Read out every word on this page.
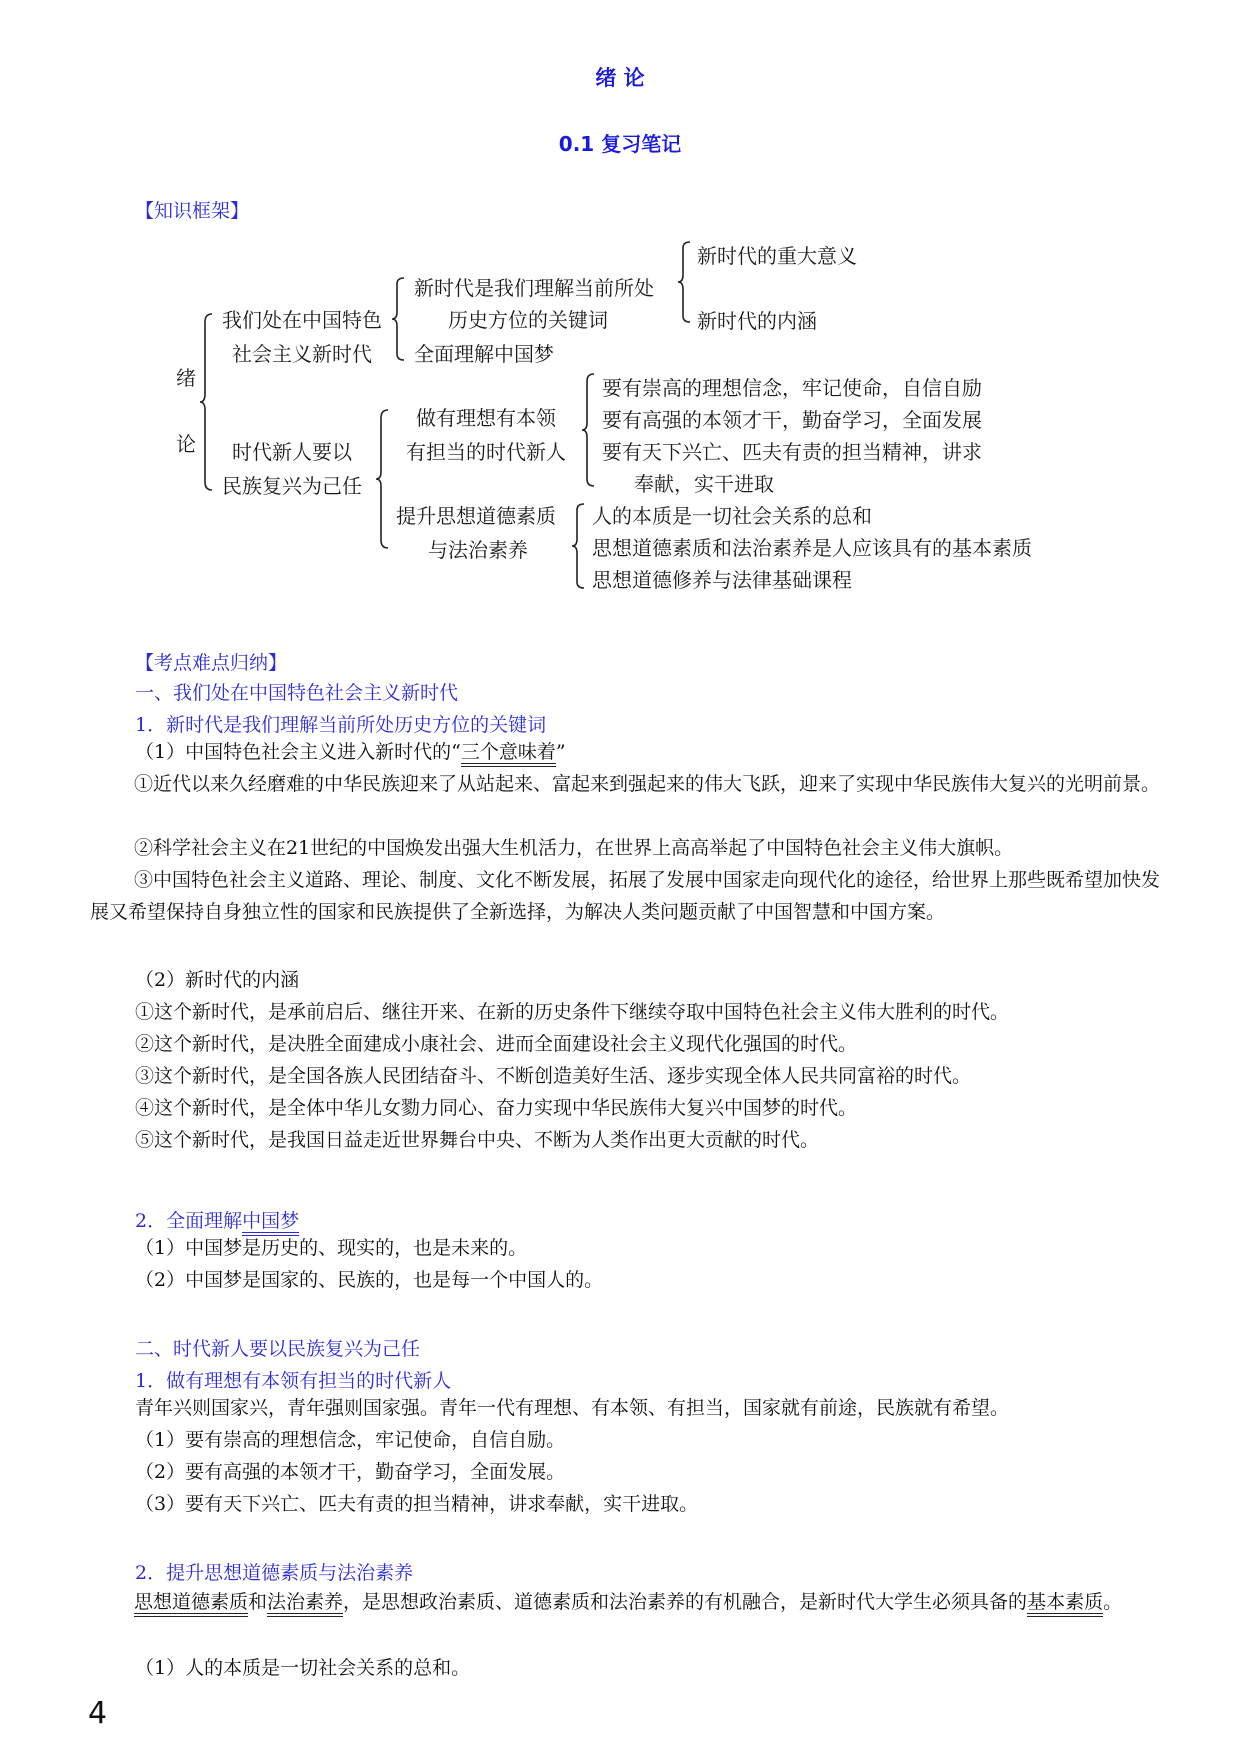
绪 论
0.1 复习笔记
【知识框架】
绪
论
我们处在中国特色
社会主义新时代
新时代是我们理解当前所处
历史方位的关键词
全面理解中国梦
新时代的重大意义
新时代的内涵
时代新人要以
民族复兴为己任
做有理想有本领
有担当的时代新人
要有崇高的理想信念，牢记使命，自信自励
要有高强的本领才干，勤奋学习，全面发展
要有天下兴亡、匹夫有责的担当精神，讲求
奉献，实干进取
提升思想道德素质
与法治素养
人的本质是一切社会关系的总和
思想道德素质和法治素养是人应该具有的基本素质
思想道德修养与法律基础课程
【考点难点归纳】
一、我们处在中国特色社会主义新时代
1．新时代是我们理解当前所处历史方位的关键词
（1）中国特色社会主义进入新时代的“三个意味着”
①近代以来久经磨难的中华民族迎来了从站起来、富起来到强起来的伟大飞跃，迎来了实现中华民族伟大复兴的光明前景。
②科学社会主义在21世纪的中国焕发出强大生机活力，在世界上高高举起了中国特色社会主义伟大旗帜。
③中国特色社会主义道路、理论、制度、文化不断发展，拓展了发展中国家走向现代化的途径，给世界上那些既希望加快发展又希望保持自身独立性的国家和民族提供了全新选择，为解决人类问题贡献了中国智慧和中国方案。
（2）新时代的内涵
①这个新时代，是承前启后、继往开来、在新的历史条件下继续夺取中国特色社会主义伟大胜利的时代。
②这个新时代，是决胜全面建成小康社会、进而全面建设社会主义现代化强国的时代。
③这个新时代，是全国各族人民团结奋斗、不断创造美好生活、逐步实现全体人民共同富裕的时代。
④这个新时代，是全体中华儿女勠力同心、奋力实现中华民族伟大复兴中国梦的时代。
⑤这个新时代，是我国日益走近世界舞台中央、不断为人类作出更大贡献的时代。
2．全面理解中国梦
（1）中国梦是历史的、现实的，也是未来的。
（2）中国梦是国家的、民族的，也是每一个中国人的。
二、时代新人要以民族复兴为己任
1．做有理想有本领有担当的时代新人
青年兴则国家兴，青年强则国家强。青年一代有理想、有本领、有担当，国家就有前途，民族就有希望。
（1）要有崇高的理想信念，牢记使命，自信自励。
（2）要有高强的本领才干，勤奋学习，全面发展。
（3）要有天下兴亡、匹夫有责的担当精神，讲求奉献，实干进取。
2．提升思想道德素质与法治素养
思想道德素质和法治素养，是思想政治素质、道德素质和法治素养的有机融合，是新时代大学生必须具备的基本素质。
（1）人的本质是一切社会关系的总和。
4
